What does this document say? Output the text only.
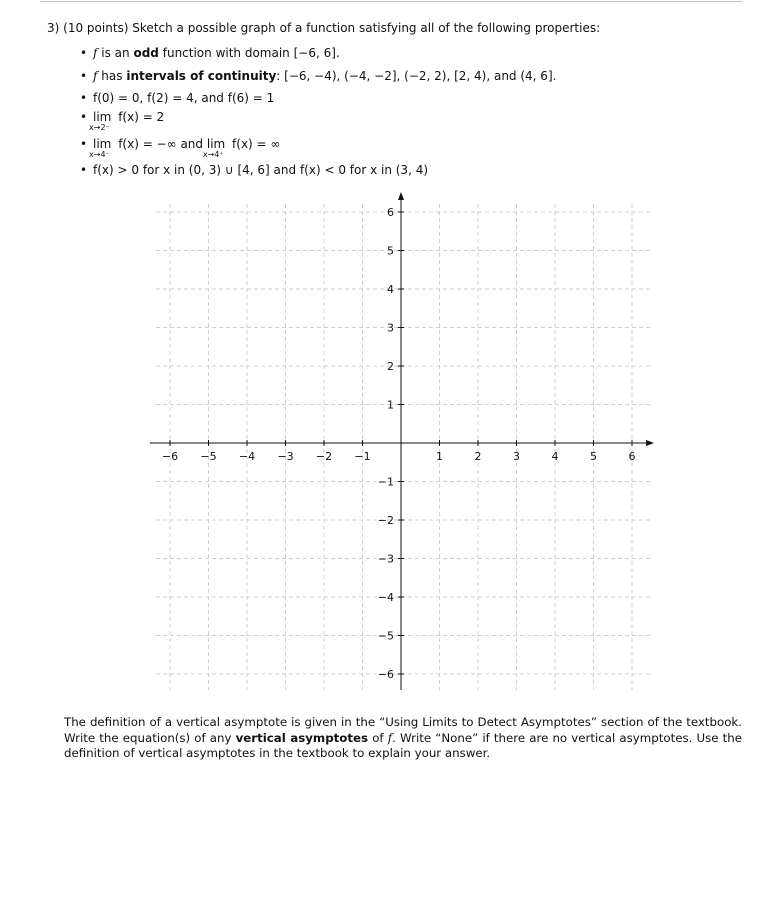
3) (10 points) Sketch a possible graph of a function satisfying all of the following properties:
• f is an odd function with domain [−6, 6].
• f has intervals of continuity: [−6, −4), (−4, −2], (−2, 2), [2, 4), and (4, 6].
• f(0) = 0, f(2) = 4, and f(6) = 1
• lim
x→2⁻
f(x) = 2
• lim
x→4⁻
f(x) = −∞ and lim
x→4⁺
f(x) = ∞
• f(x) > 0 for x in (0, 3) ∪ [4, 6] and f(x) < 0 for x in (3, 4)
−6 −5 −4 −3 −2 −1	1	2	3	4	5	6
−6
−5
−4
−3
−2
−1
1
2
3
4
5
6
The definition of a vertical asymptote is given in the “Using Limits to Detect Asymptotes” section of the textbook. Write the equation(s) of any vertical asymptotes of f. Write “None” if there are no vertical asymptotes. Use the definition of vertical asymptotes in the textbook to explain your answer.
